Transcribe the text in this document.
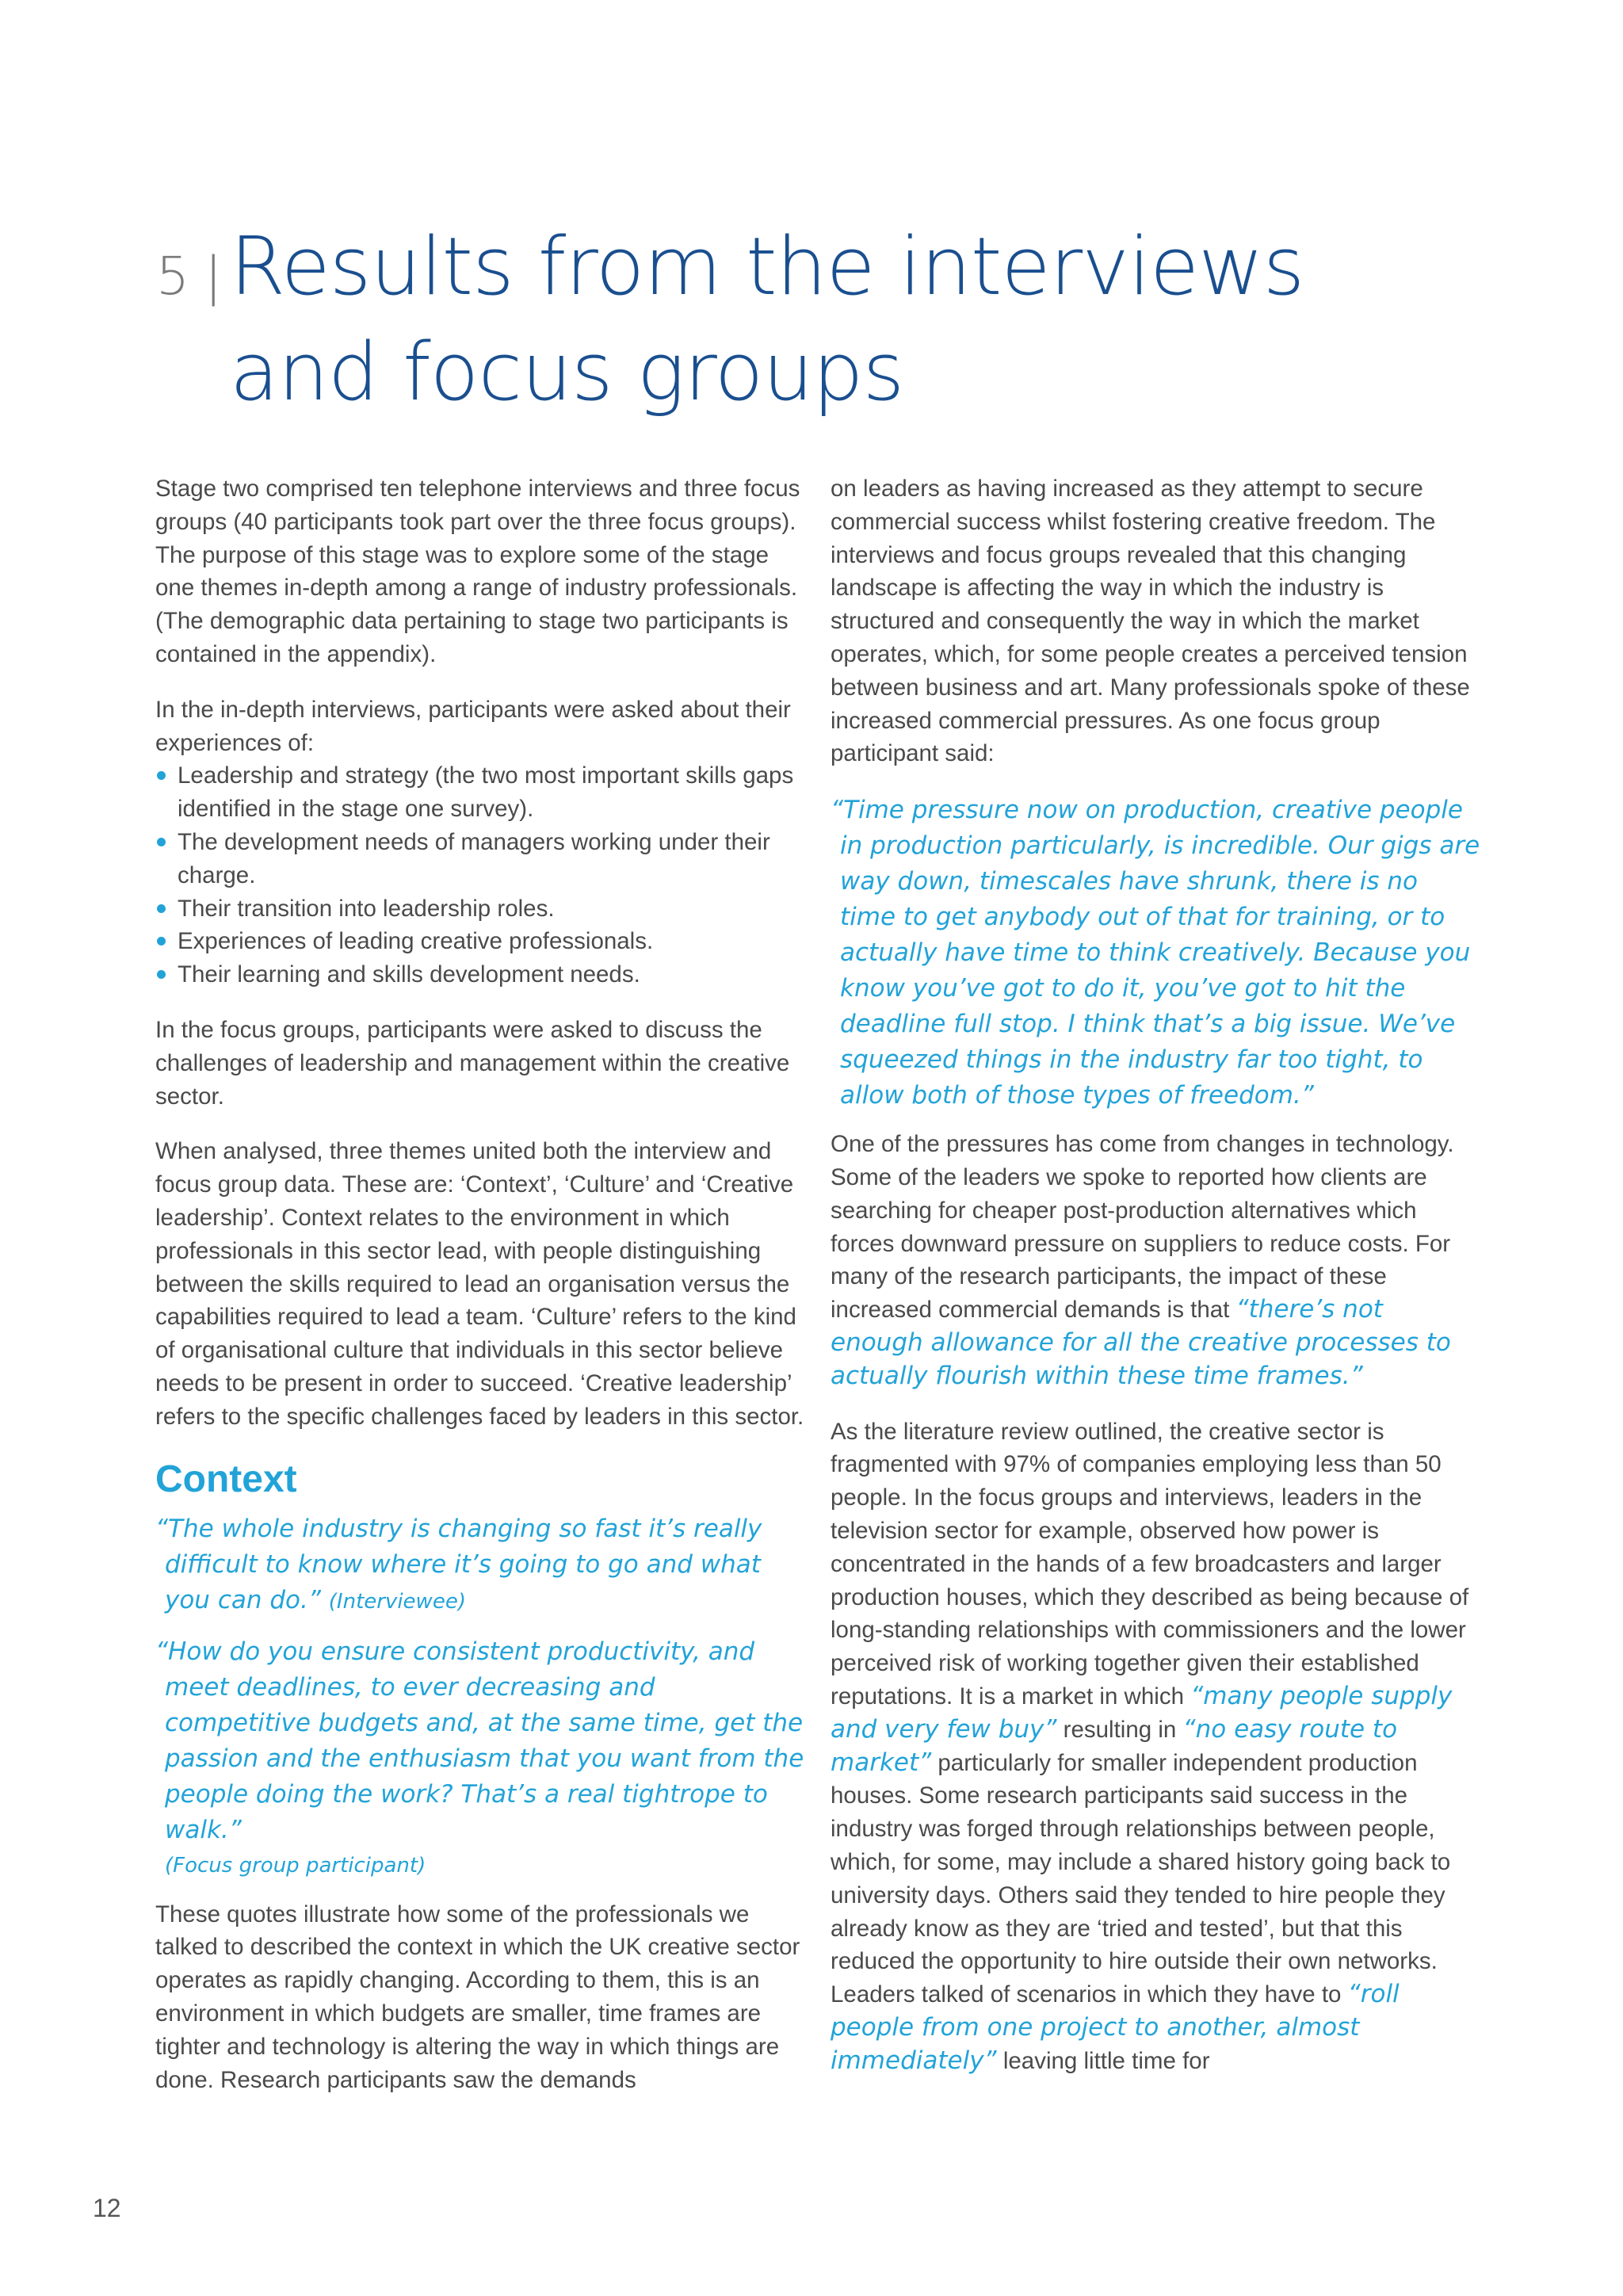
5 | Results from the interviews
and focus groups

Stage two comprised ten telephone interviews and three focus groups (40 participants took part over the three focus groups). The purpose of this stage was to explore some of the stage one themes in-depth among a range of industry professionals. (The demographic data pertaining to stage two participants is contained in the appendix).

In the in-depth interviews, participants were asked about their experiences of:

Leadership and strategy (the two most important skills gaps identified in the stage one survey).
The development needs of managers working under their charge.
Their transition into leadership roles.
Experiences of leading creative professionals.
Their learning and skills development needs.

In the focus groups, participants were asked to discuss the challenges of leadership and management within the creative sector.

When analysed, three themes united both the interview and focus group data. These are: ‘Context’, ‘Culture’ and ‘Creative leadership’. Context relates to the environment in which professionals in this sector lead, with people distinguishing between the skills required to lead an organisation versus the capabilities required to lead a team. ‘Culture’ refers to the kind of organisational culture that individuals in this sector believe needs to be present in order to succeed. ‘Creative leadership’ refers to the specific challenges faced by leaders in this sector.

Context
“The whole industry is changing so fast it’s really difficult to know where it’s going to go and what you can do.” (Interviewee)
“How do you ensure consistent productivity, and meet deadlines, to ever decreasing and competitive budgets and, at the same time, get the passion and the enthusiasm that you want from the people doing the work? That’s a real tightrope to walk.”
(Focus group participant)

These quotes illustrate how some of the professionals we talked to described the context in which the UK creative sector operates as rapidly changing. According to them, this is an environment in which budgets are smaller, time frames are tighter and technology is altering the way in which things are done. Research participants saw the demands

on leaders as having increased as they attempt to secure commercial success whilst fostering creative freedom. The interviews and focus groups revealed that this changing landscape is affecting the way in which the industry is structured and consequently the way in which the market operates, which, for some people creates a perceived tension between business and art. Many professionals spoke of these increased commercial pressures. As one focus group participant said:

“Time pressure now on production, creative people in production particularly, is incredible. Our gigs are way down, timescales have shrunk, there is no time to get anybody out of that for training, or to actually have time to think creatively. Because you know you’ve got to do it, you’ve got to hit the deadline full stop. I think that’s a big issue. We’ve squeezed things in the industry far too tight, to allow both of those types of freedom.”

One of the pressures has come from changes in technology. Some of the leaders we spoke to reported how clients are searching for cheaper post-production alternatives which forces downward pressure on suppliers to reduce costs. For many of the research participants, the impact of these increased commercial demands is that “there’s not enough allowance for all the creative processes to actually flourish within these time frames.”

As the literature review outlined, the creative sector is fragmented with 97% of companies employing less than 50 people. In the focus groups and interviews, leaders in the television sector for example, observed how power is concentrated in the hands of a few broadcasters and larger production houses, which they described as being because of long-standing relationships with commissioners and the lower perceived risk of working together given their established reputations. It is a market in which “many people supply and very few buy” resulting in “no easy route to market” particularly for smaller independent production houses. Some research participants said success in the industry was forged through relationships between people, which, for some, may include a shared history going back to university days. Others said they tended to hire people they already know as they are ‘tried and tested’, but that this reduced the opportunity to hire outside their own networks. Leaders talked of scenarios in which they have to “roll people from one project to another, almost immediately” leaving little time for

12
